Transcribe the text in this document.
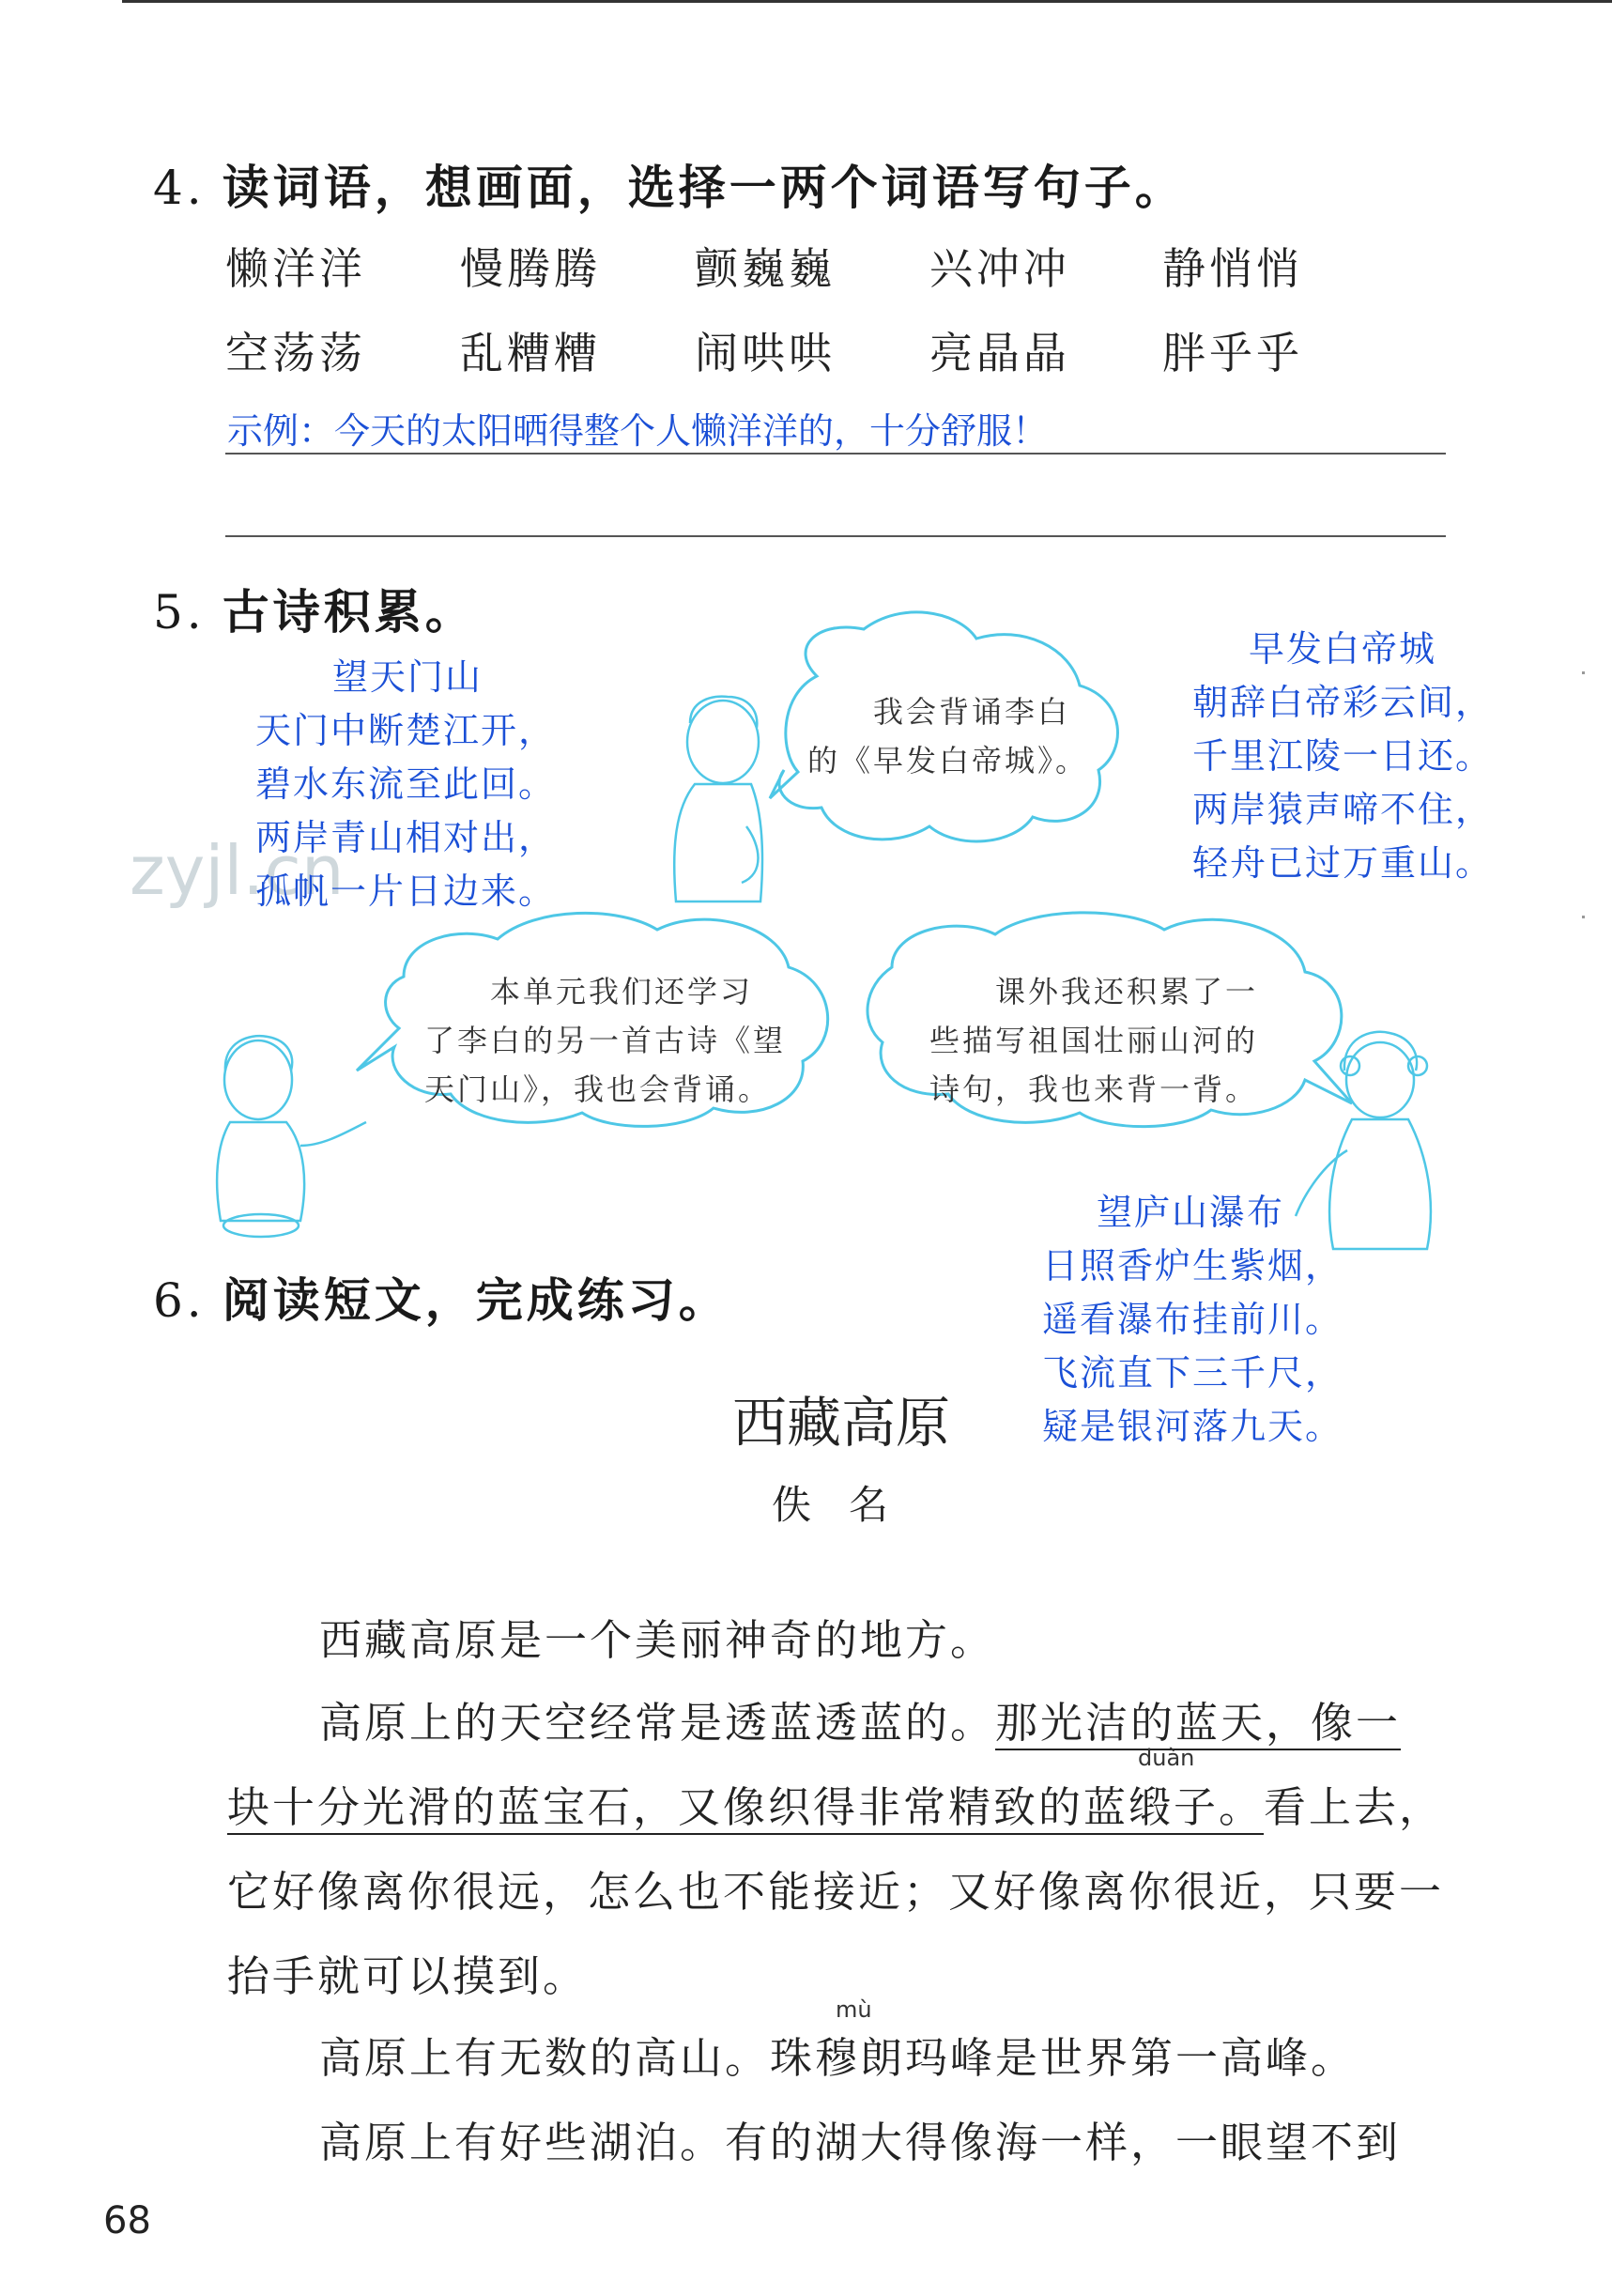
zyjl.cn
4. 读词语，想画面，选择一两个词语写句子。
懒洋洋 慢腾腾 颤巍巍 兴冲冲 静悄悄
空荡荡 乱糟糟 闹哄哄 亮晶晶 胖乎乎
示例：今天的太阳晒得整个人懒洋洋的，十分舒服！
5. 古诗积累。
望天门山
天门中断楚江开，
碧水东流至此回。
两岸青山相对出，
孤帆一片日边来。
早发白帝城
朝辞白帝彩云间，
千里江陵一日还。
两岸猿声啼不住，
轻舟已过万重山。
望庐山瀑布
日照香炉生紫烟，
遥看瀑布挂前川。
飞流直下三千尺，
疑是银河落九天。
我会背诵李白
的《早发白帝城》。
本单元我们还学习
了李白的另一首古诗《望
天门山》，我也会背诵。
课外我还积累了一
些描写祖国壮丽山河的
诗句，我也来背一背。
6. 阅读短文，完成练习。
西藏高原
佚名
西藏高原是一个美丽神奇的地方。
高原上的天空经常是透蓝透蓝的。那光洁的蓝天，像一
duàn
块十分光滑的蓝宝石，又像织得非常精致的蓝缎子。看上去，
它好像离你很远，怎么也不能接近；又好像离你很近，只要一
抬手就可以摸到。
mù
高原上有无数的高山。珠穆朗玛峰是世界第一高峰。
高原上有好些湖泊。有的湖大得像海一样，一眼望不到
68
